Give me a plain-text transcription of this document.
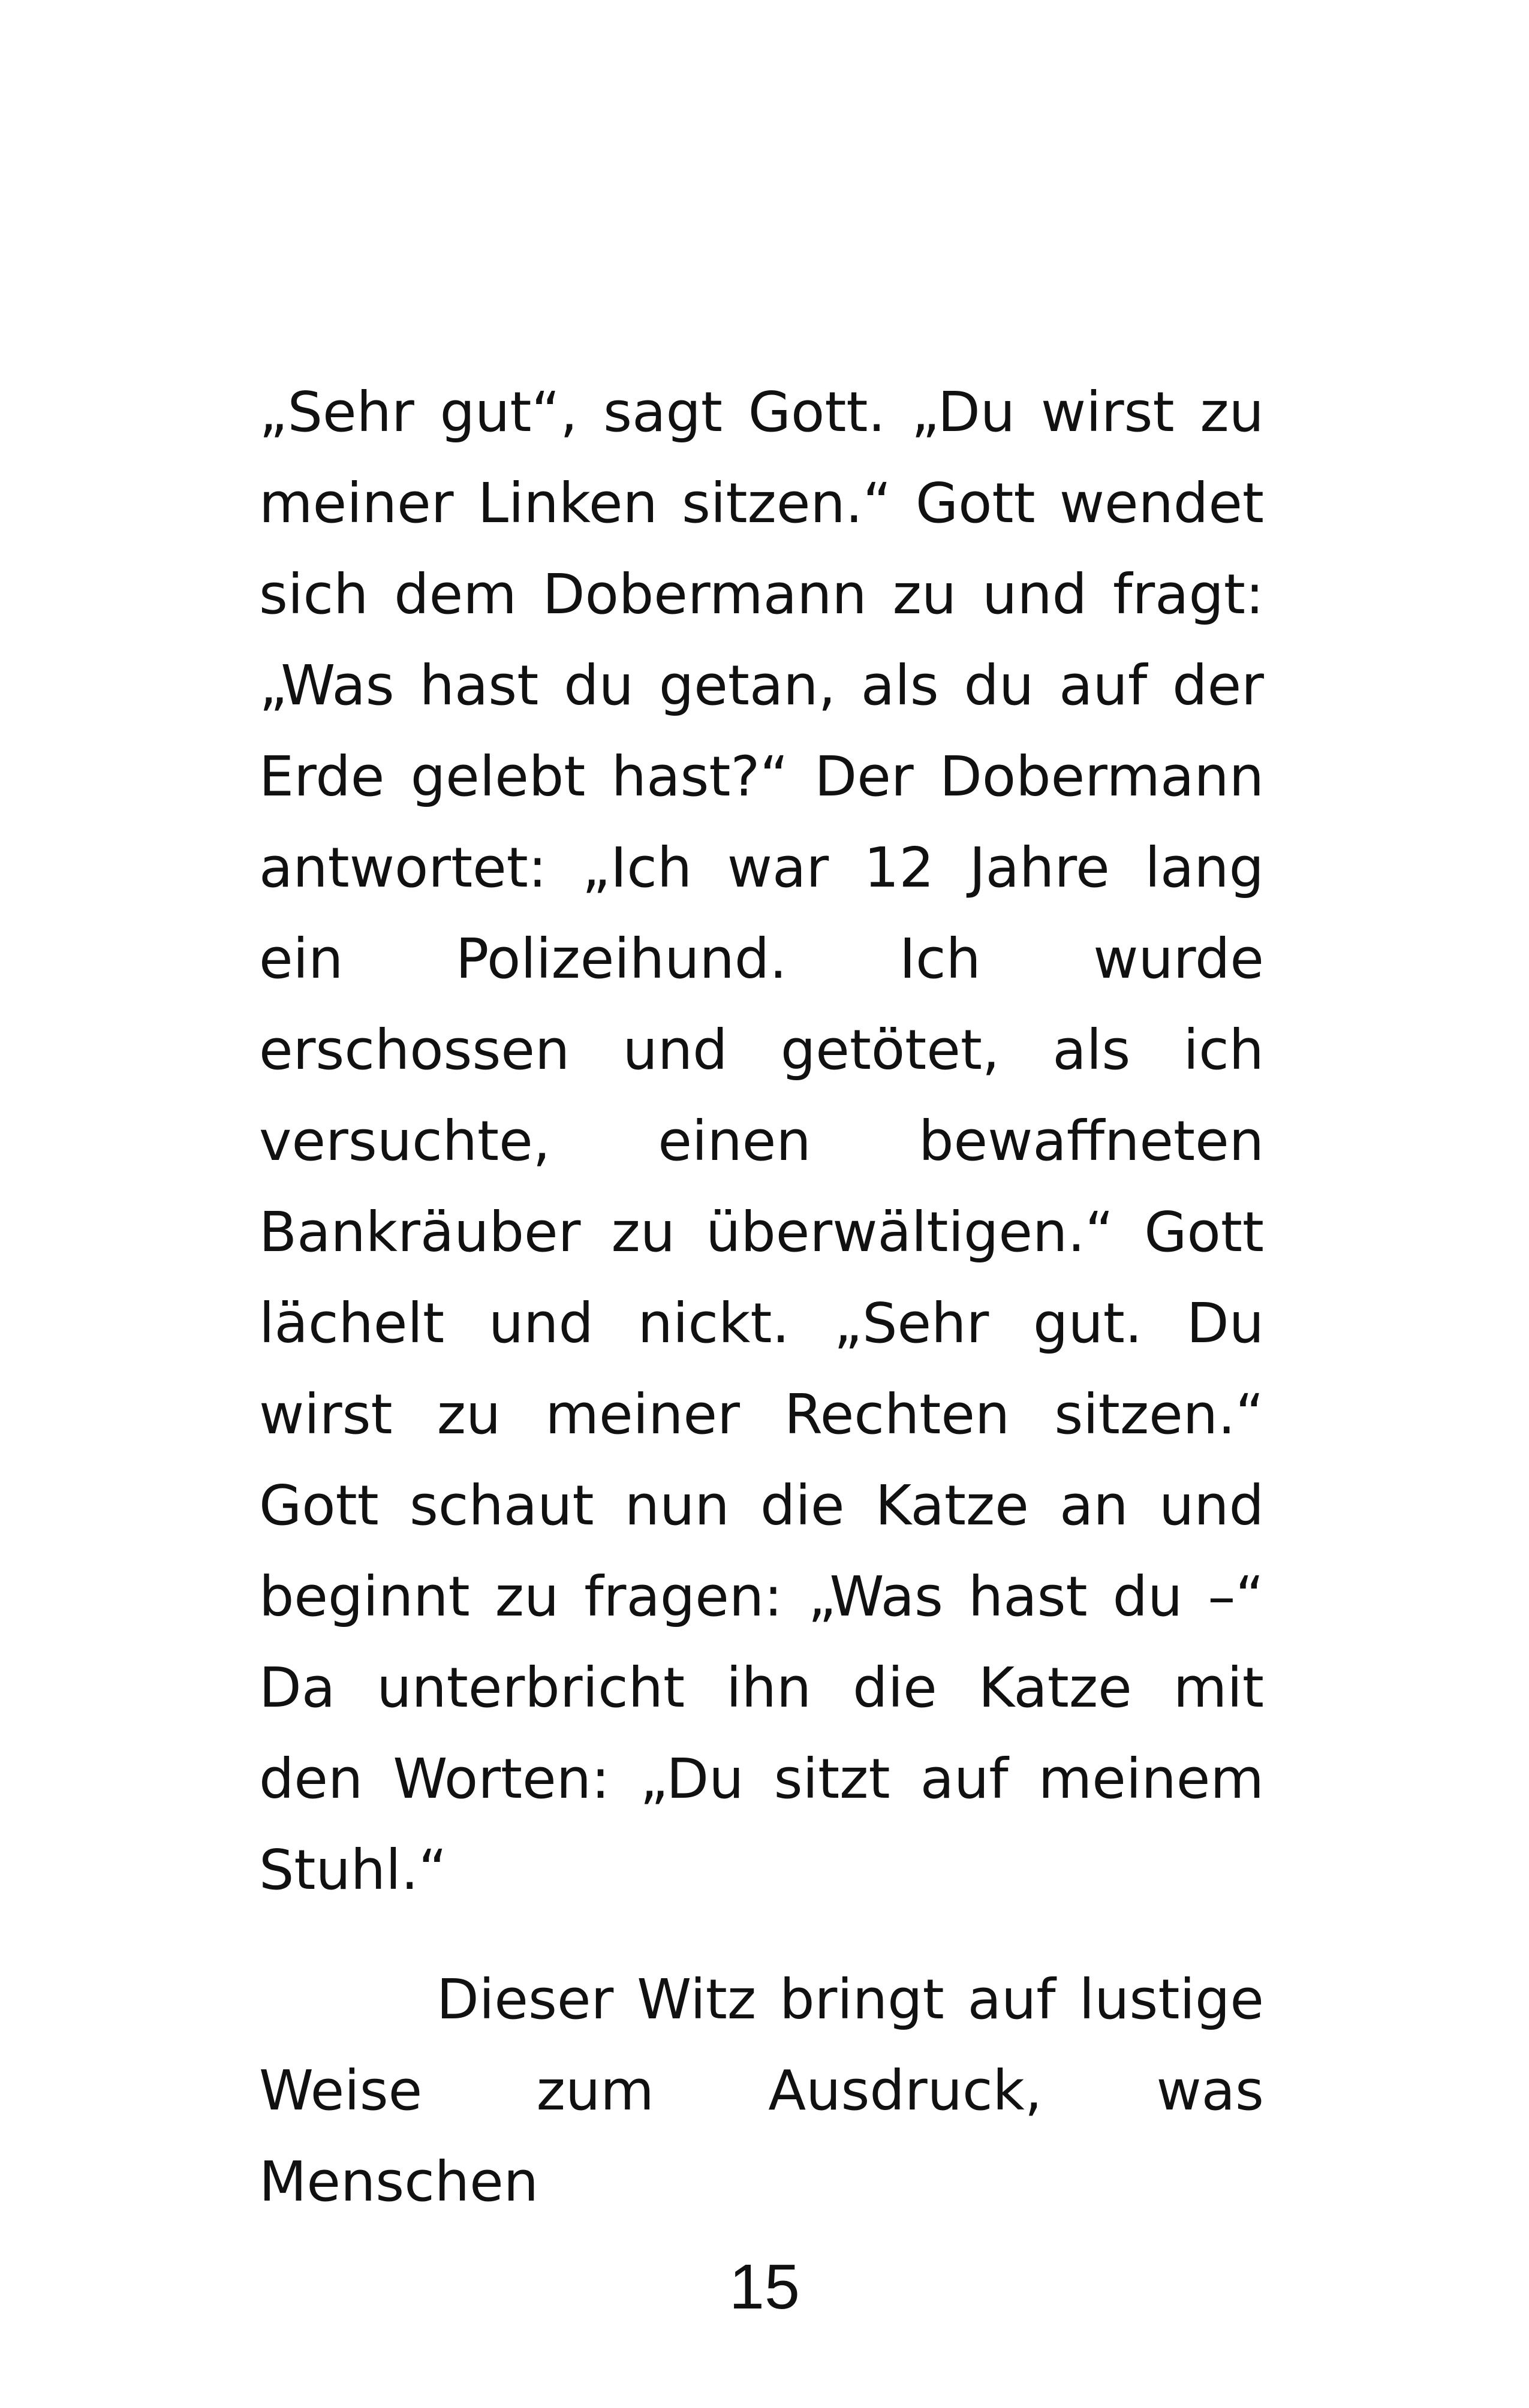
„Sehr gut“, sagt Gott. „Du wirst zu meiner Linken sitzen.“ Gott wendet sich dem Dobermann zu und fragt: „Was hast du getan, als du auf der Erde gelebt hast?“ Der Dobermann antwortet: „Ich war 12 Jahre lang ein Polizeihund. Ich wurde erschossen und getötet, als ich versuchte, einen bewaffneten Bankräuber zu überwältigen.“ Gott lächelt und nickt. „Sehr gut. Du wirst zu meiner Rechten sitzen.“ Gott schaut nun die Katze an und beginnt zu fragen: „Was hast du –“ Da unterbricht ihn die Katze mit den Worten: „Du sitzt auf meinem Stuhl.“

Dieser Witz bringt auf lustige Weise zum Ausdruck, was Menschen

15
